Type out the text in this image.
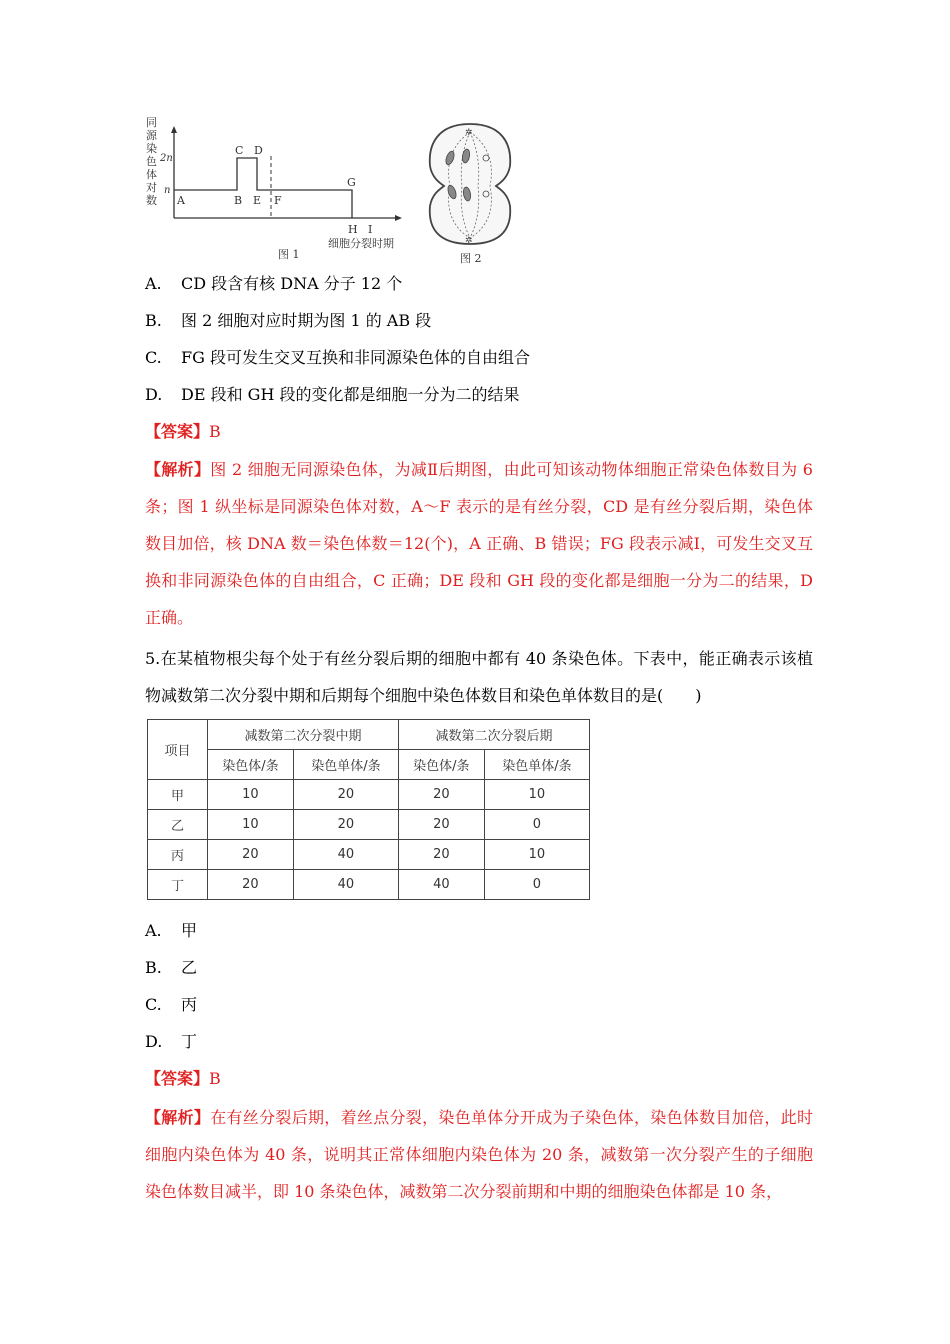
同
源
染
色
体
对
数
2n
n
A	B
C D
E F
G
H I
细胞分裂时期
图 1
✲
✲
图 2
A. CD 段含有核 DNA 分子 12 个
B. 图 2 细胞对应时期为图 1 的 AB 段
C. FG 段可发生交叉互换和非同源染色体的自由组合
D. DE 段和 GH 段的变化都是细胞一分为二的结果
【答案】B

【解析】图 2 细胞无同源染色体，为减Ⅱ后期图，由此可知该动物体细胞正常染色体数目为 6 条；图 1 纵坐标是同源染色体对数，A～F 表示的是有丝分裂，CD 是有丝分裂后期，染色体数目加倍，核 DNA 数＝染色体数＝12(个)，A 正确、B 错误；FG 段表示减Ⅰ，可发生交叉互换和非同源染色体的自由组合，C 正确；DE 段和 GH 段的变化都是细胞一分为二的结果，D 正确。

5.在某植物根尖每个处于有丝分裂后期的细胞中都有 40 条染色体。下表中，能正确表示该植物减数第二次分裂中期和后期每个细胞中染色体数目和染色单体数目的是(　　)

项目	减数第二次分裂中期		减数第二次分裂后期	
	染色体/条	染色单体/条	染色体/条	染色单体/条
甲	10	20	20	10
乙	10	20	20	0
丙	20	40	20	10
丁	20	40	40	0
A. 甲
B. 乙
C. 丙
D. 丁
【答案】B

【解析】在有丝分裂后期，着丝点分裂，染色单体分开成为子染色体，染色体数目加倍，此时细胞内染色体为 40 条，说明其正常体细胞内染色体为 20 条，减数第一次分裂产生的子细胞染色体数目减半，即 10 条染色体，减数第二次分裂前期和中期的细胞染色体都是 10 条，
